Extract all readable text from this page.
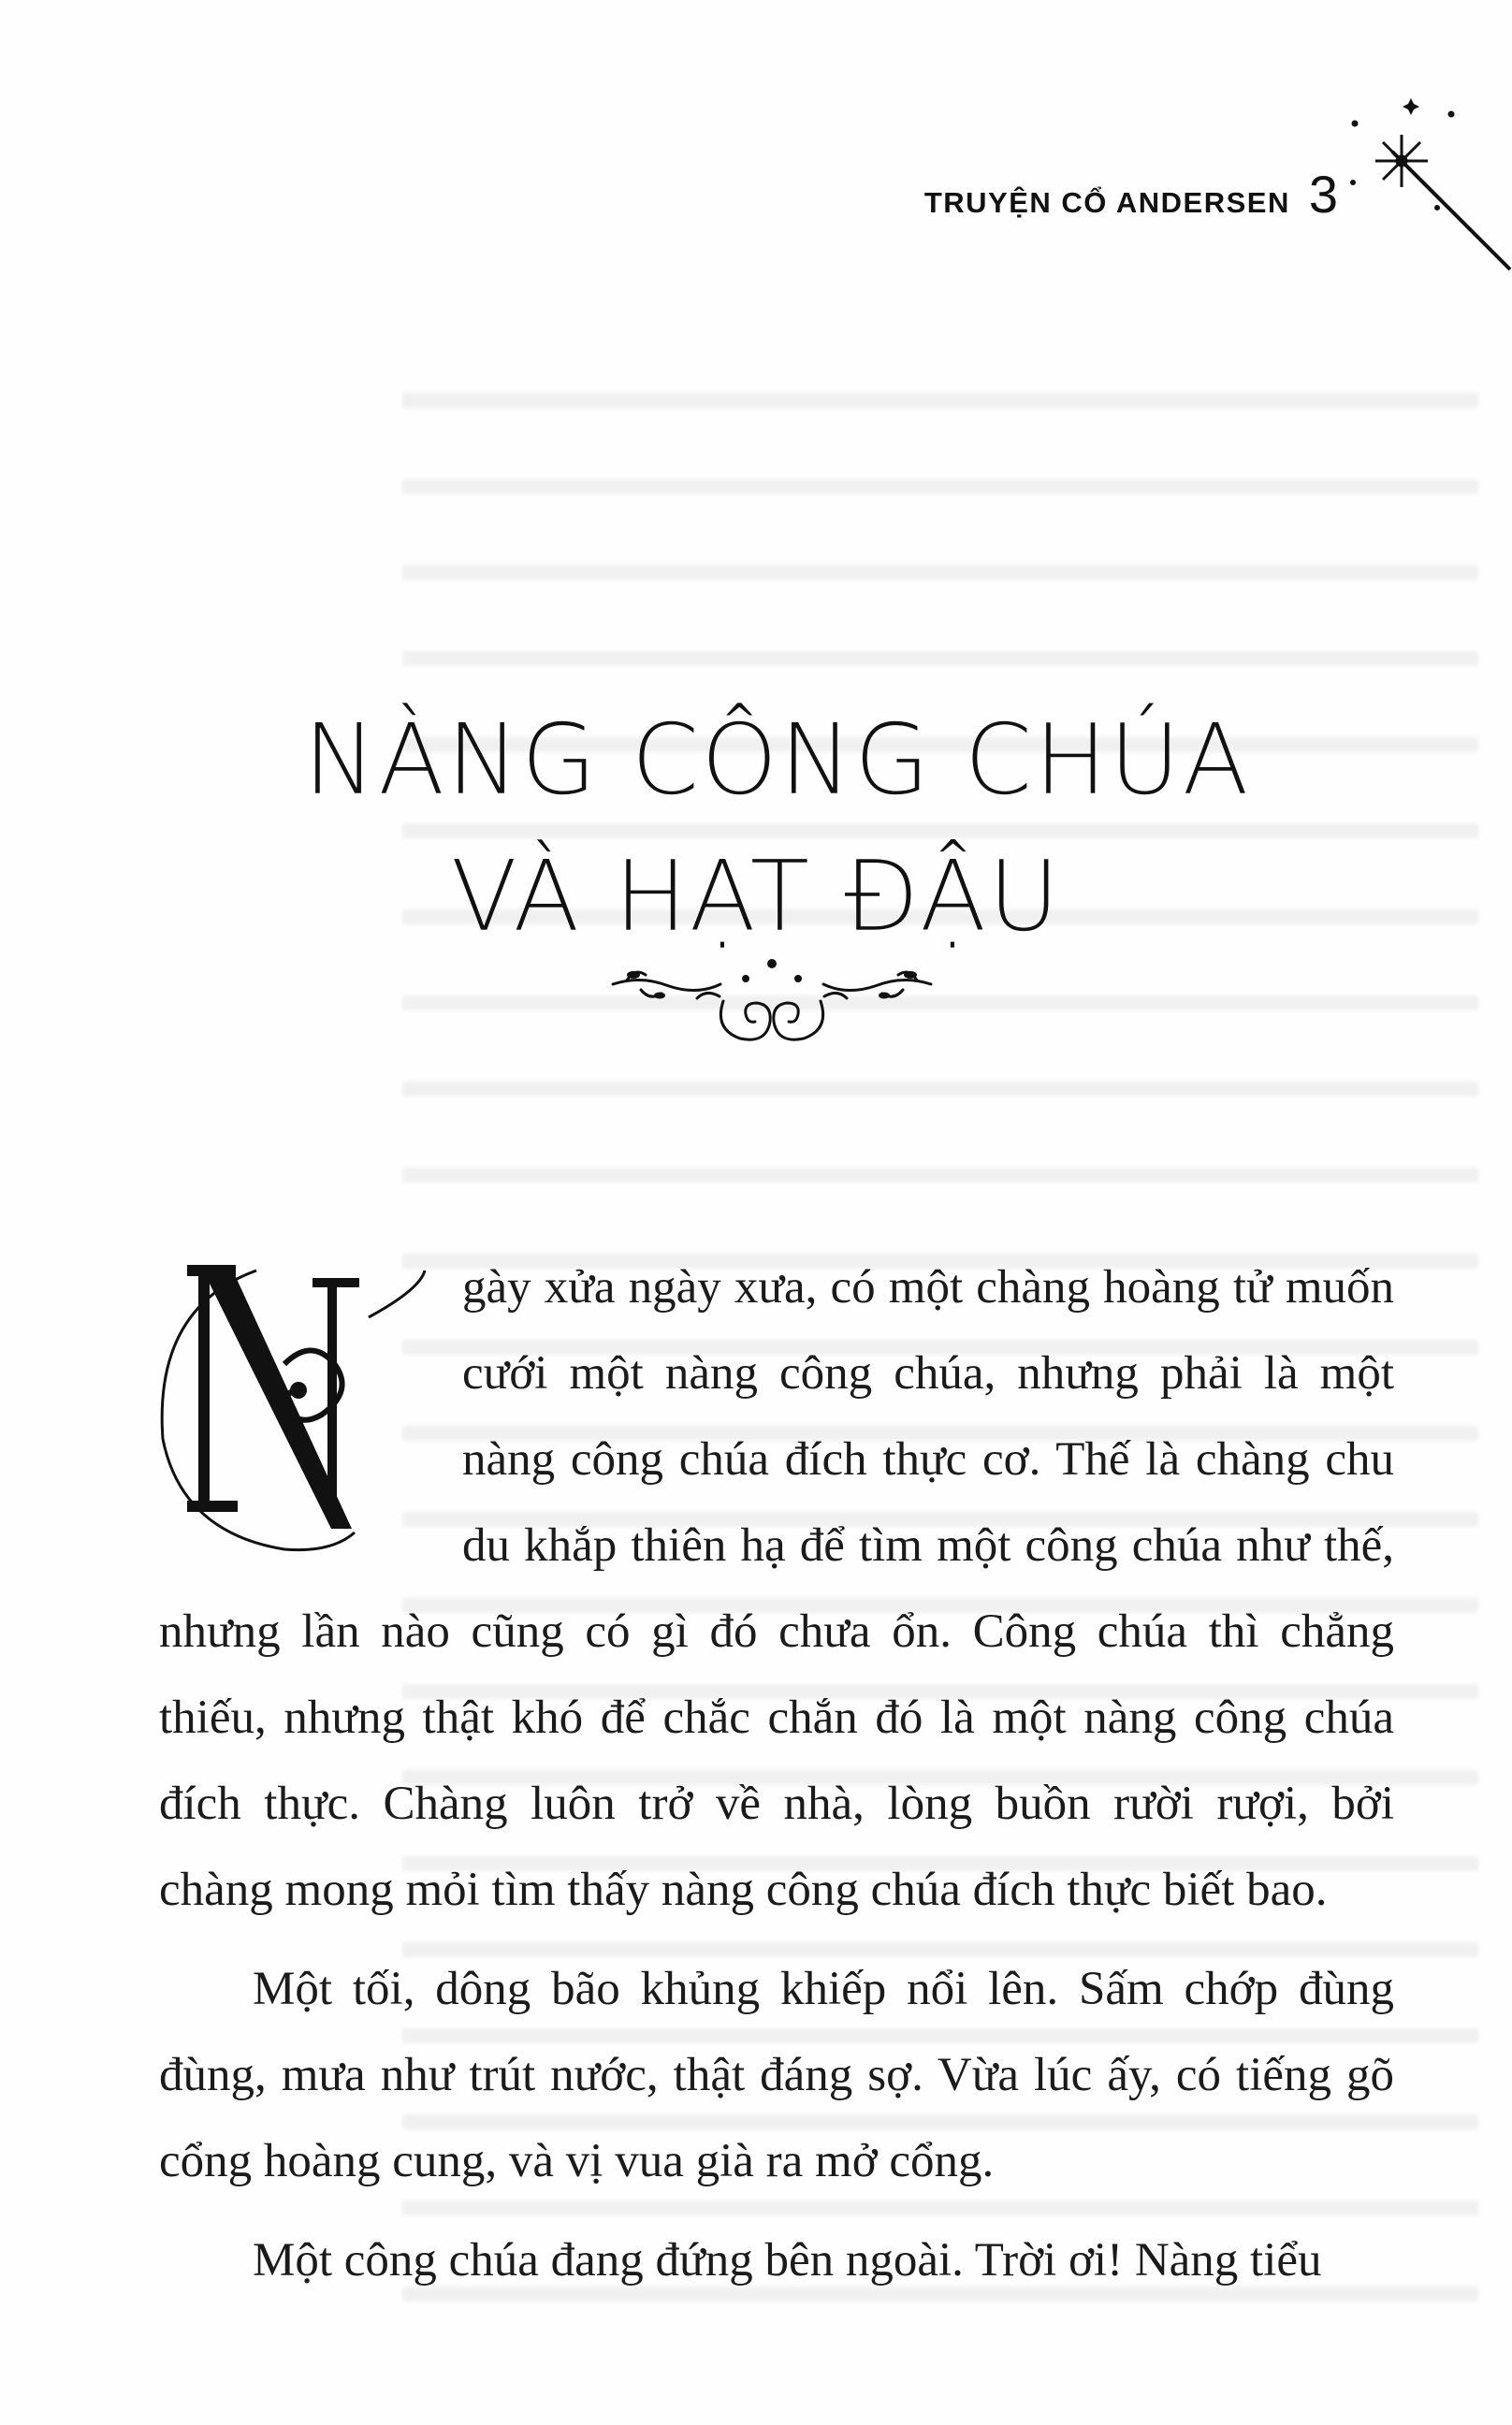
TRUYỆN CỔ ANDERSEN 3
NÀNG CÔNG CHÚA
VÀ HẠT ĐẬU

gày xửa ngày xưa, có một chàng hoàng tử muốn cưới một nàng công chúa, nhưng phải là một nàng công chúa đích thực cơ. Thế là chàng chu du khắp thiên hạ để tìm một công chúa như thế, nhưng lần nào cũng có gì đó chưa ổn. Công chúa thì chẳng thiếu, nhưng thật khó để chắc chắn đó là một nàng công chúa đích thực. Chàng luôn trở về nhà, lòng buồn rười rượi, bởi chàng mong mỏi tìm thấy nàng công chúa đích thực biết bao.

Một tối, dông bão khủng khiếp nổi lên. Sấm chớp đùng đùng, mưa như trút nước, thật đáng sợ. Vừa lúc ấy, có tiếng gõ cổng hoàng cung, và vị vua già ra mở cổng.

Một công chúa đang đứng bên ngoài. Trời ơi! Nàng tiểu
